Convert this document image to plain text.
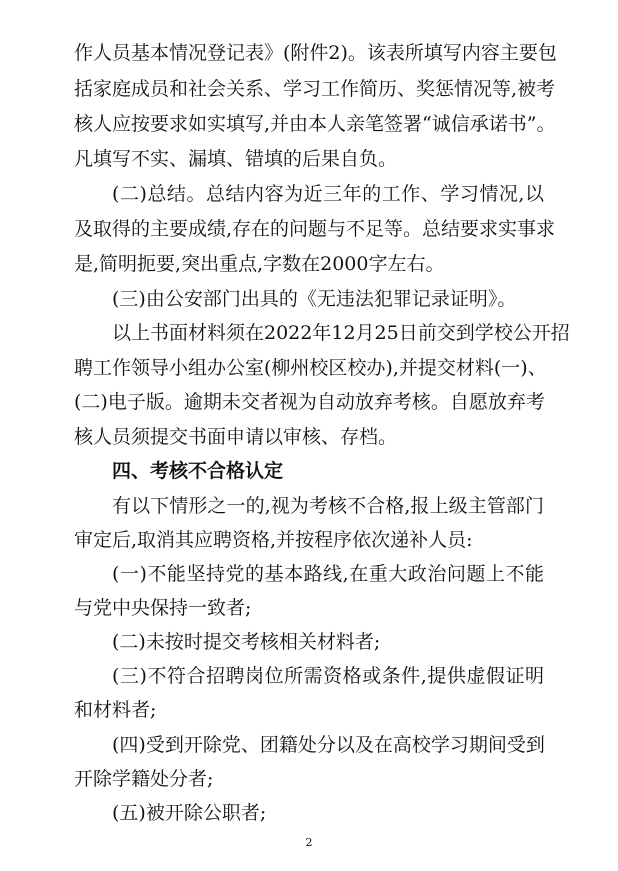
作人员基本情况登记表》(附件2)。该表所填写内容主要包
括家庭成员和社会关系、学习工作简历、奖惩情况等,被考
核人应按要求如实填写,并由本人亲笔签署“诚信承诺书”。
凡填写不实、漏填、错填的后果自负。
(二)总结。总结内容为近三年的工作、学习情况,以
及取得的主要成绩,存在的问题与不足等。总结要求实事求
是,简明扼要,突出重点,字数在2000字左右。
(三)由公安部门出具的《无违法犯罪记录证明》。
以上书面材料须在2022年12月25日前交到学校公开招
聘工作领导小组办公室(柳州校区校办),并提交材料(一)、
(二)电子版。逾期未交者视为自动放弃考核。自愿放弃考
核人员须提交书面申请以审核、存档。
四、考核不合格认定
有以下情形之一的,视为考核不合格,报上级主管部门
审定后,取消其应聘资格,并按程序依次递补人员:
(一)不能坚持党的基本路线,在重大政治问题上不能
与党中央保持一致者;
(二)未按时提交考核相关材料者;
(三)不符合招聘岗位所需资格或条件,提供虚假证明
和材料者;
(四)受到开除党、团籍处分以及在高校学习期间受到
开除学籍处分者;
(五)被开除公职者;
2
